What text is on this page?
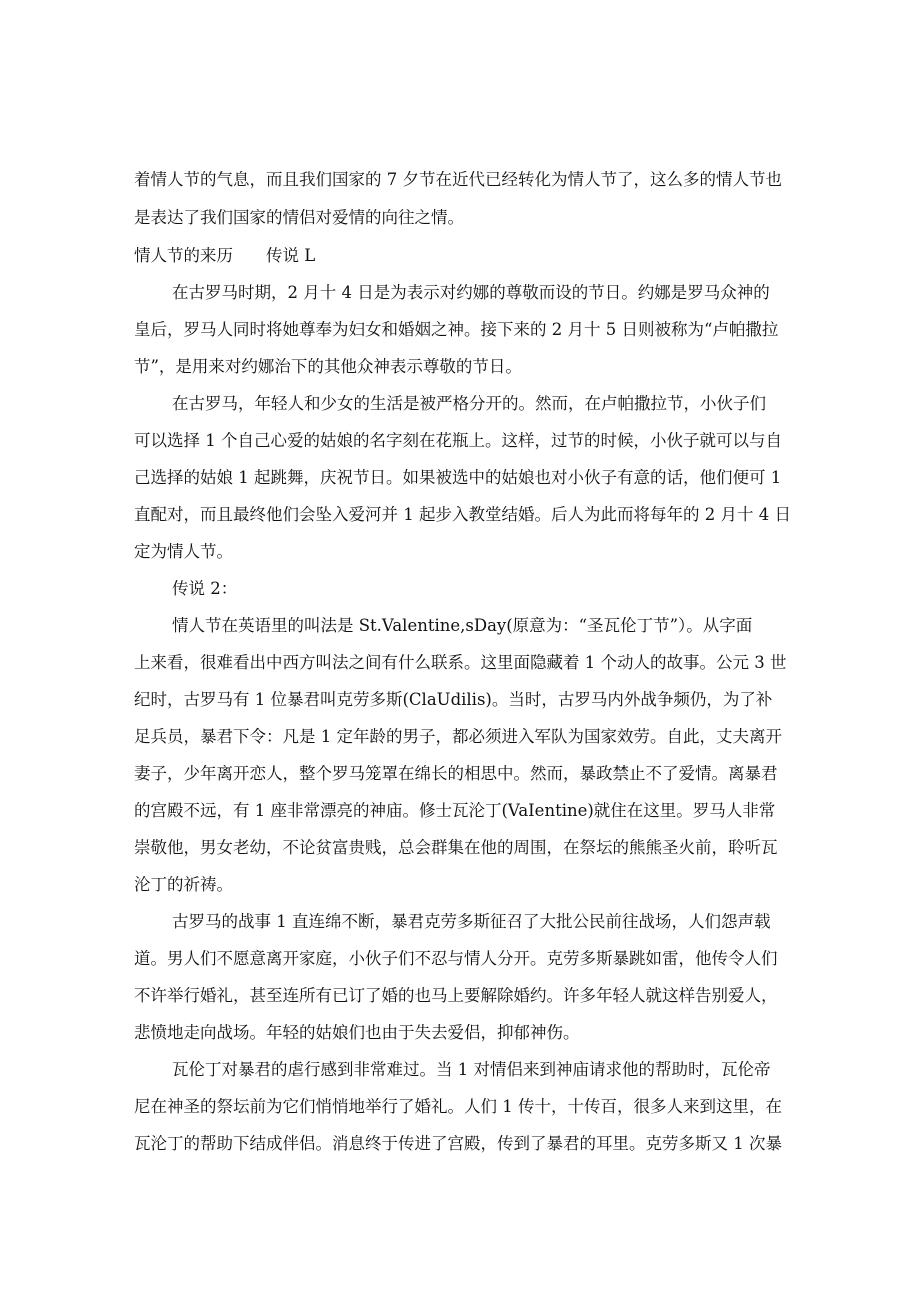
着情人节的气息，而且我们国家的 7 夕节在近代已经转化为情人节了，这么多的情人节也
是表达了我们国家的情侣对爱情的向往之情。
情人节的来历　　传说 L
在古罗马时期，2 月十 4 日是为表示对约娜的尊敬而设的节日。约娜是罗马众神的
皇后，罗马人同时将她尊奉为妇女和婚姻之神。接下来的 2 月十 5 日则被称为“卢帕撒拉
节”，是用来对约娜治下的其他众神表示尊敬的节日。
在古罗马，年轻人和少女的生活是被严格分开的。然而，在卢帕撒拉节，小伙子们
可以选择 1 个自己心爱的姑娘的名字刻在花瓶上。这样，过节的时候，小伙子就可以与自
己选择的姑娘 1 起跳舞，庆祝节日。如果被选中的姑娘也对小伙子有意的话，他们便可 1
直配对，而且最终他们会坠入爱河并 1 起步入教堂结婚。后人为此而将每年的 2 月十 4 日
定为情人节。
传说 2：
情人节在英语里的叫法是 St.Valentine,sDay(原意为：“圣瓦伦丁节”）。从字面
上来看，很难看出中西方叫法之间有什么联系。这里面隐藏着 1 个动人的故事。公元 3 世
纪时，古罗马有 1 位暴君叫克劳多斯(ClaUdilis)。当时，古罗马内外战争频仍，为了补
足兵员，暴君下令：凡是 1 定年龄的男子，都必须进入军队为国家效劳。自此，丈夫离开
妻子，少年离开恋人，整个罗马笼罩在绵长的相思中。然而，暴政禁止不了爱情。离暴君
的宫殿不远，有 1 座非常漂亮的神庙。修士瓦沦丁(VaIentine)就住在这里。罗马人非常
崇敬他，男女老幼，不论贫富贵贱，总会群集在他的周围，在祭坛的熊熊圣火前，聆听瓦
沦丁的祈祷。
古罗马的战事 1 直连绵不断，暴君克劳多斯征召了大批公民前往战场，人们怨声载
道。男人们不愿意离开家庭，小伙子们不忍与情人分开。克劳多斯暴跳如雷，他传令人们
不许举行婚礼，甚至连所有已订了婚的也马上要解除婚约。许多年轻人就这样告别爱人，
悲愤地走向战场。年轻的姑娘们也由于失去爱侣，抑郁神伤。
瓦伦丁对暴君的虐行感到非常难过。当 1 对情侣来到神庙请求他的帮助时，瓦伦帝
尼在神圣的祭坛前为它们悄悄地举行了婚礼。人们 1 传十，十传百，很多人来到这里，在
瓦沦丁的帮助下结成伴侣。消息终于传进了宫殿，传到了暴君的耳里。克劳多斯又 1 次暴
